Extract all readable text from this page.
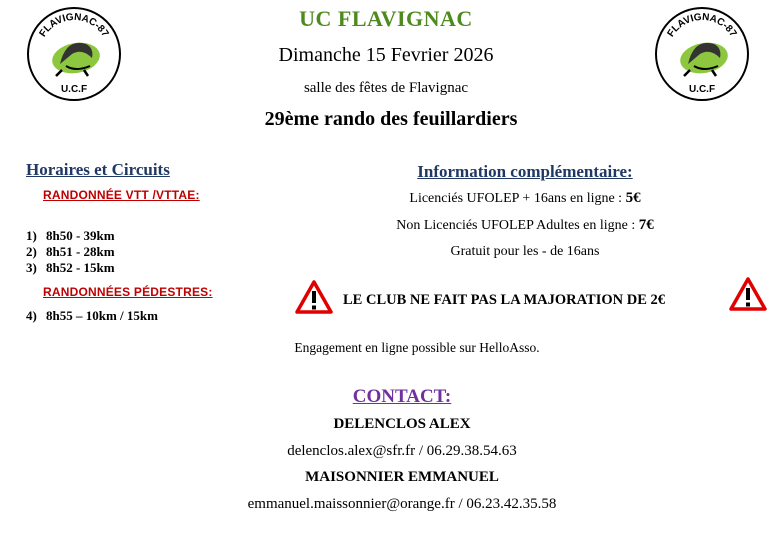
FLAVIGNAC-87
U.C.F
FLAVIGNAC-87
U.C.F
UC FLAVIGNAC
Dimanche 15 Fevrier 2026
salle des fêtes de Flavignac
29ème rando des feuillardiers
Horaires et Circuits
RANDONNÉE VTT /VTTAE:
1) 8h50 - 39km
2) 8h51 - 28km
3) 8h52 - 15km
RANDONNÉES PÉDESTRES:
4) 8h55 – 10km / 15km
Information complémentaire:
Licenciés UFOLEP + 16ans en ligne : 5€
Non Licenciés UFOLEP Adultes en ligne : 7€
Gratuit pour les - de 16ans
LE CLUB NE FAIT PAS LA MAJORATION DE 2€
Engagement en ligne possible sur HelloAsso.
CONTACT:
DELENCLOS ALEX
delenclos.alex@sfr.fr / 06.29.38.54.63
MAISONNIER EMMANUEL
emmanuel.maissonnier@orange.fr / 06.23.42.35.58
